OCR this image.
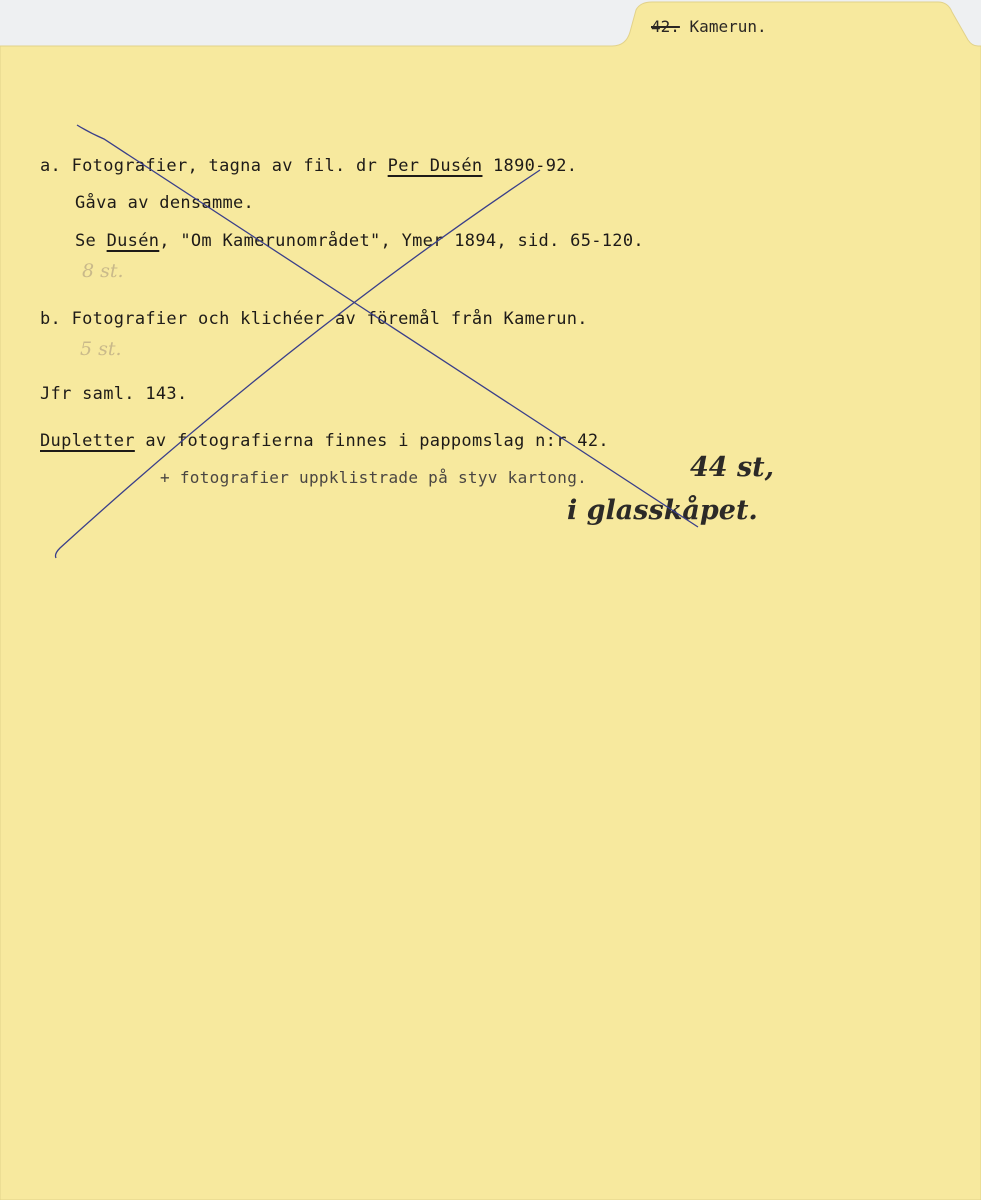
42. Kamerun.

a. Fotografier, tagna av fil. dr Per Dusén 1890-92.

Gåva av densamme.

Se Dusén, "Om Kamerunområdet", Ymer 1894, sid. 65-120.

8 st.

b. Fotografier och klichéer av föremål från Kamerun.

5 st.

Jfr saml. 143.

Dupletter av fotografierna finnes i pappomslag n:r 42.

+ fotografier uppklistrade på styv kartong.	44 st,
i glasskåpet.
